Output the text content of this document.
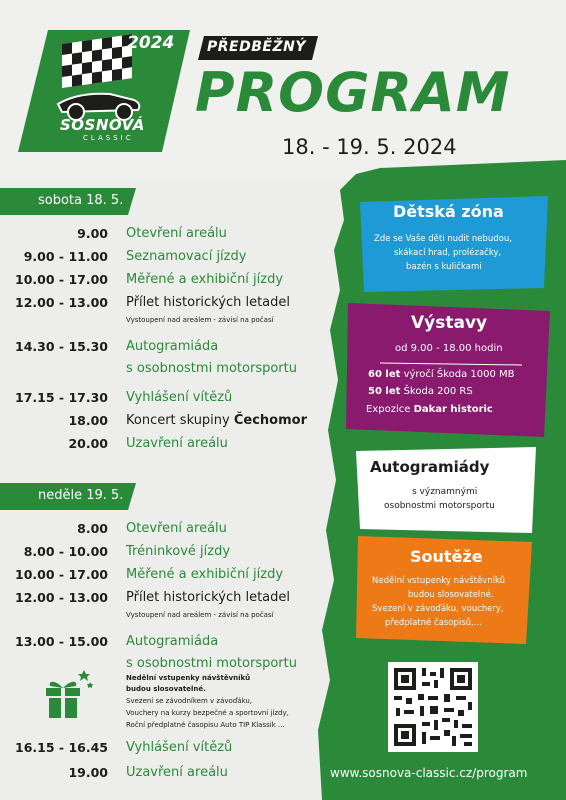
2024
SOSNOVÁ
CLASSIC
PŘEDBĚŽNÝ
PROGRAM
18. - 19. 5. 2024
sobota 18. 5.
9.00 Otevření areálu
9.00 - 11.00 Seznamovací jízdy
10.00 - 17.00 Měřené a exhibiční jízdy
12.00 - 13.00 Přílet historických letadel
Vystoupení nad areálem - závisí na počasí
14.30 - 15.30 Autogramiáda
s osobnostmi motorsportu
17.15 - 17.30 Vyhlášení vítězů
18.00 Koncert skupiny Čechomor
20.00 Uzavření areálu
neděle 19. 5.
8.00 Otevření areálu
8.00 - 10.00 Tréninkové jízdy
10.00 - 17.00 Měřené a exhibiční jízdy
12.00 - 13.00 Přílet historických letadel
Vystoupení nad areálem - závisí na počasí
13.00 - 15.00 Autogramiáda
s osobnostmi motorsportu
Nedělní vstupenky návštěvníků
budou slosovatelné.
Svezení se závodníkem v závoďáku,
Vouchery na kurzy bezpečné a sportovní jízdy,
Roční předplatné časopisu Auto TIP Klassik ...
16.15 - 16.45 Vyhlášení vítězů
19.00 Uzavření areálu
Dětská zóna
Zde se Vaše děti nudit nebudou,
skákací hrad, prolézačky,
bazén s kuličkami
Výstavy
od 9.00 - 18.00 hodin
60 let výročí Škoda 1000 MB
50 let Škoda 200 RS
Expozice Dakar historic
Autogramiády
s významnými
osobnostmi motorsportu
Soutěže
Nedělní vstupenky návštěvníků
budou slosovatelné.
Svezení v závoďáku, vouchery,
předplatné časopisů,...
www.sosnova-classic.cz/program
